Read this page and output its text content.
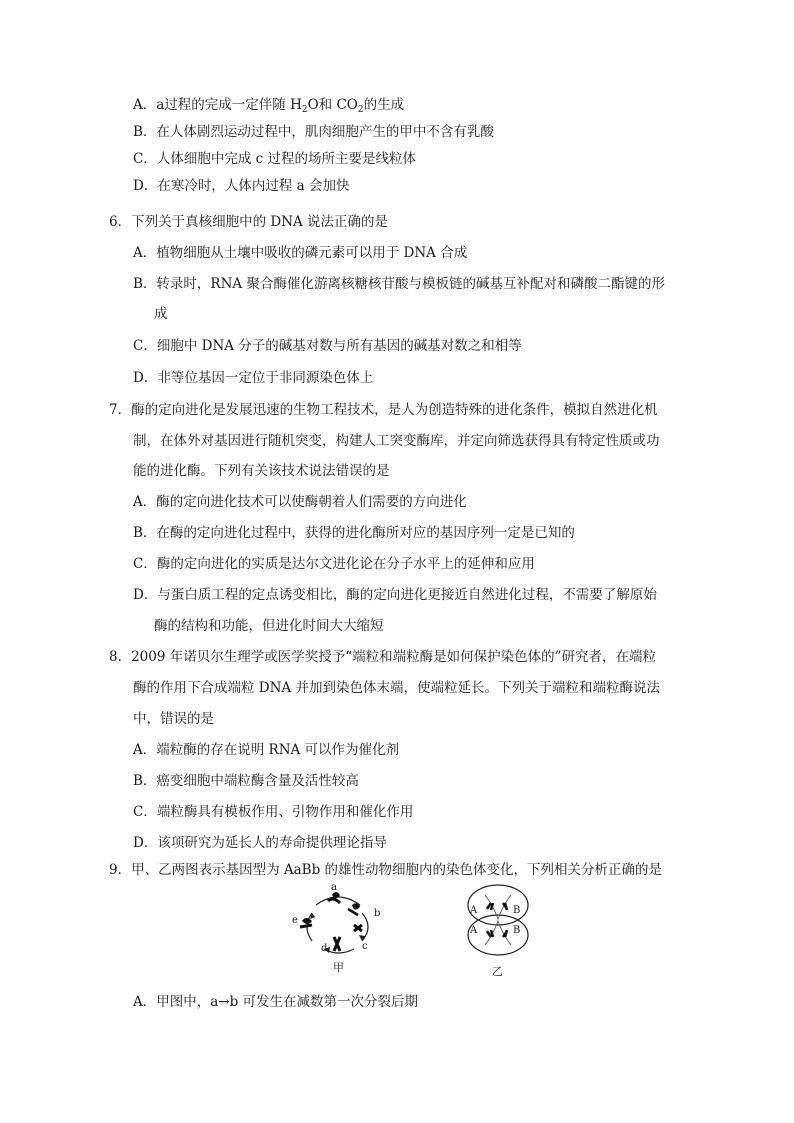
A．a过程的完成一定伴随 $H_2O$和 $CO_2$的生成
B．在人体剧烈运动过程中，肌肉细胞产生的甲中不含有乳酸
C．人体细胞中完成 c 过程的场所主要是线粒体
D．在寒冷时，人体内过程 a 会加快
6．下列关于真核细胞中的 DNA 说法正确的是
A．植物细胞从土壤中吸收的磷元素可以用于 DNA 合成
B．转录时，RNA 聚合酶催化游离核糖核苷酸与模板链的碱基互补配对和磷酸二酯键的形
成
C．细胞中 DNA 分子的碱基对数与所有基因的碱基对数之和相等
D．非等位基因一定位于非同源染色体上
7．酶的定向进化是发展迅速的生物工程技术，是人为创造特殊的进化条件，模拟自然进化机
制，在体外对基因进行随机突变，构建人工突变酶库，并定向筛选获得具有特定性质或功
能的进化酶。下列有关该技术说法错误的是
A．酶的定向进化技术可以使酶朝着人们需要的方向进化
B．在酶的定向进化过程中，获得的进化酶所对应的基因序列一定是已知的
C．酶的定向进化的实质是达尔文进化论在分子水平上的延伸和应用
D．与蛋白质工程的定点诱变相比，酶的定向进化更接近自然进化过程，不需要了解原始
酶的结构和功能，但进化时间大大缩短
8．2009 年诺贝尔生理学或医学奖授予“端粒和端粒酶是如何保护染色体的”研究者，在端粒
酶的作用下合成端粒 DNA 并加到染色体末端，使端粒延长。下列关于端粒和端粒酶说法
中，错误的是
A．端粒酶的存在说明 RNA 可以作为催化剂
B．癌变细胞中端粒酶含量及活性较高
C．端粒酶具有模板作用、引物作用和催化作用
D．该项研究为延长人的寿命提供理论指导
9．甲、乙两图表示基因型为 AaBb 的雄性动物细胞内的染色体变化，下列相关分析正确的是
a
b
c
d
e
甲
A	B
A	B
乙
A．甲图中，a→b 可发生在减数第一次分裂后期
